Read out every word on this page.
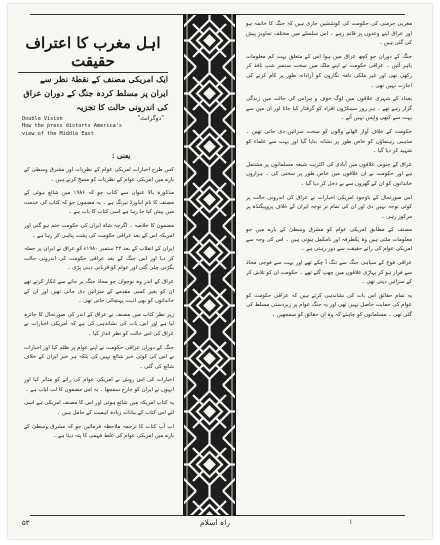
اہل مغرب کا اعتراف حقیقت
ایک امریکی مصنف کے نقطۂ نظر سے ایران پر مسلط کردہ جنگ کے دوران عراق کی اندرونی حالت کا تجزیہ
Double Vision
How the press distorts America's
view of the Middle East
"دوگرانٹ"
یعنی :

کس طرح اخبارات امریکی عوام کے نظریات اور مشرق وسطیٰ کے بارے میں امریکی عوام کے نظریات کو مسخ کرتے ہیں ۔

مذکورہ بالا عنوان سے کتاب جو کہ ۱۹۸۶ میں شائع ہوئی کے مصنف کا نام ایڈورڈ نیرنگ ہے ۔ یہ مضمون جو کہ کتاب کی خدمت میں پیش کیا جا رہا ہے اسی کتاب کا باب ہے ۔

مضمون کا خلاصہ ۔ اگرچہ شاہ ایران کی حکومت ختم ہو گئی اور امریکہ اس کے بعد عراقی حکومت کی پشت پناہی کر رہا ہے ۔

ایران کے انقلاب کے بعد ۲۲ ستمبر ۱۹۸۰ء کو عراق نے ایران پر حملہ کر دیا اور اس جنگ کے بعد عراقی حکومت کی اندرونی حالت بگڑتی چلی گئی اور عوام کو قربانی دینی پڑی ۔

عراق کے اندر وہ نوجوان جو محاذ جنگ پر جانے سے انکار کرتے تھے ان کو بغیر کسی مقدمے کے سزائیں دی جاتی تھیں اور ان کے خاندانوں کو بھی اذیت پہنچائی جاتی تھی ۔

زیر نظر کتاب میں مصنف نے عراق کے اندر کی صورتحال کا جائزہ لیا ہے اور اس بات کی نشاندہی کی ہے کہ امریکی اخبارات نے عراق کی اس حالت کو نظر انداز کیا ۔

جنگ کے دوران عراقی حکومت نے اپنے عوام پر ظلم کیا اور اخبارات نے اس کی کوئی خبر شائع نہیں کی بلکہ ہر خبر ایران کے خلاف شائع کی گئی ۔

اخبارات کی اس روش نے امریکی عوام کی رائے کو متاثر کیا اور انہوں نے ایران کو جارح سمجھا ۔ یہ اس مضمون کا لب لباب ہے ۔

یہ کتاب امریکہ میں شائع ہوئی اور اس کا مصنف امریکی ہے اسی لئے اس کتاب کے بیانات زیادہ اہمیت کے حامل ہیں ۔

اب آپ کتاب کا ترجمہ ملاحظہ فرمائیں جو کہ مشرق وسطیٰ کے بارے میں امریکی عوام کی غلط فہمی کا پتہ دیتا ہے ۔

مغربی جرمنی کی حکومت کی کوششیں جاری ہیں کہ جنگ کا خاتمہ ہو اور عراق اپنے وعدوں پر قائم رہے ۔ اس سلسلے میں مختلف تجاویز پیش کی گئی ہیں ۔

جنگ کے دوران جو کچھ عراق میں ہوا اس کے متعلق بہت کم معلومات باہر آئیں ۔ عراقی حکومت نے اپنے ملک میں سخت سنسر شپ نافذ کر رکھی تھی اور غیر ملکی نامہ نگاروں کو آزادانہ طور پر کام کرنے کی اجازت نہیں تھی ۔

بغداد کے شہری علاقوں میں لوگ خوف و ہراس کی حالت میں زندگی گزار رہے تھے ۔ ہر روز سینکڑوں افراد کو گرفتار کیا جاتا اور ان میں سے بہت سے کبھی واپس نہیں آتے ۔

حکومت کے خلاف آواز اٹھانے والوں کو سخت سزائیں دی جاتی تھیں ۔ مذہبی رہنماؤں کو خاص طور پر نشانہ بنایا گیا اور بہت سے علماء کو شہید کر دیا گیا ۔

عراق کے جنوبی علاقوں میں آبادی کی اکثریت شیعہ مسلمانوں پر مشتمل ہے اور حکومت نے ان علاقوں میں خاص طور پر سختی کی ۔ ہزاروں خاندانوں کو ان کے گھروں سے بے دخل کر دیا گیا ۔

اس صورتحال کے باوجود امریکی اخبارات نے عراق کی اندرونی حالت پر کوئی توجہ نہیں دی اور ان کی تمام تر توجہ ایران کے خلاف پروپیگنڈہ پر مرکوز رہی ۔

مصنف کے مطابق امریکی عوام کو مشرق وسطیٰ کے بارے میں جو معلومات ملتی ہیں وہ یکطرفہ اور نامکمل ہوتی ہیں ۔ اس کی وجہ سے امریکی عوام کی رائے حقیقت سے دور رہتی ہے ۔

عراقی فوج کے سپاہی جنگ سے تنگ آ چکے تھے اور بہت سے فوجی محاذ سے فرار ہو کر پہاڑی علاقوں میں چھپ گئے تھے ۔ حکومت ان کو تلاش کر کے سزائیں دیتی تھی ۔

یہ تمام حقائق اس بات کی نشاندہی کرتے ہیں کہ عراقی حکومت کو عوام کی حمایت حاصل نہیں تھی اور یہ جنگ عوام پر زبردستی مسلط کی گئی تھی ۔ مسلمانوں کو چاہئے کہ وہ ان حقائق کو سمجھیں ۔

۵۳	راہ اسلام	ا
